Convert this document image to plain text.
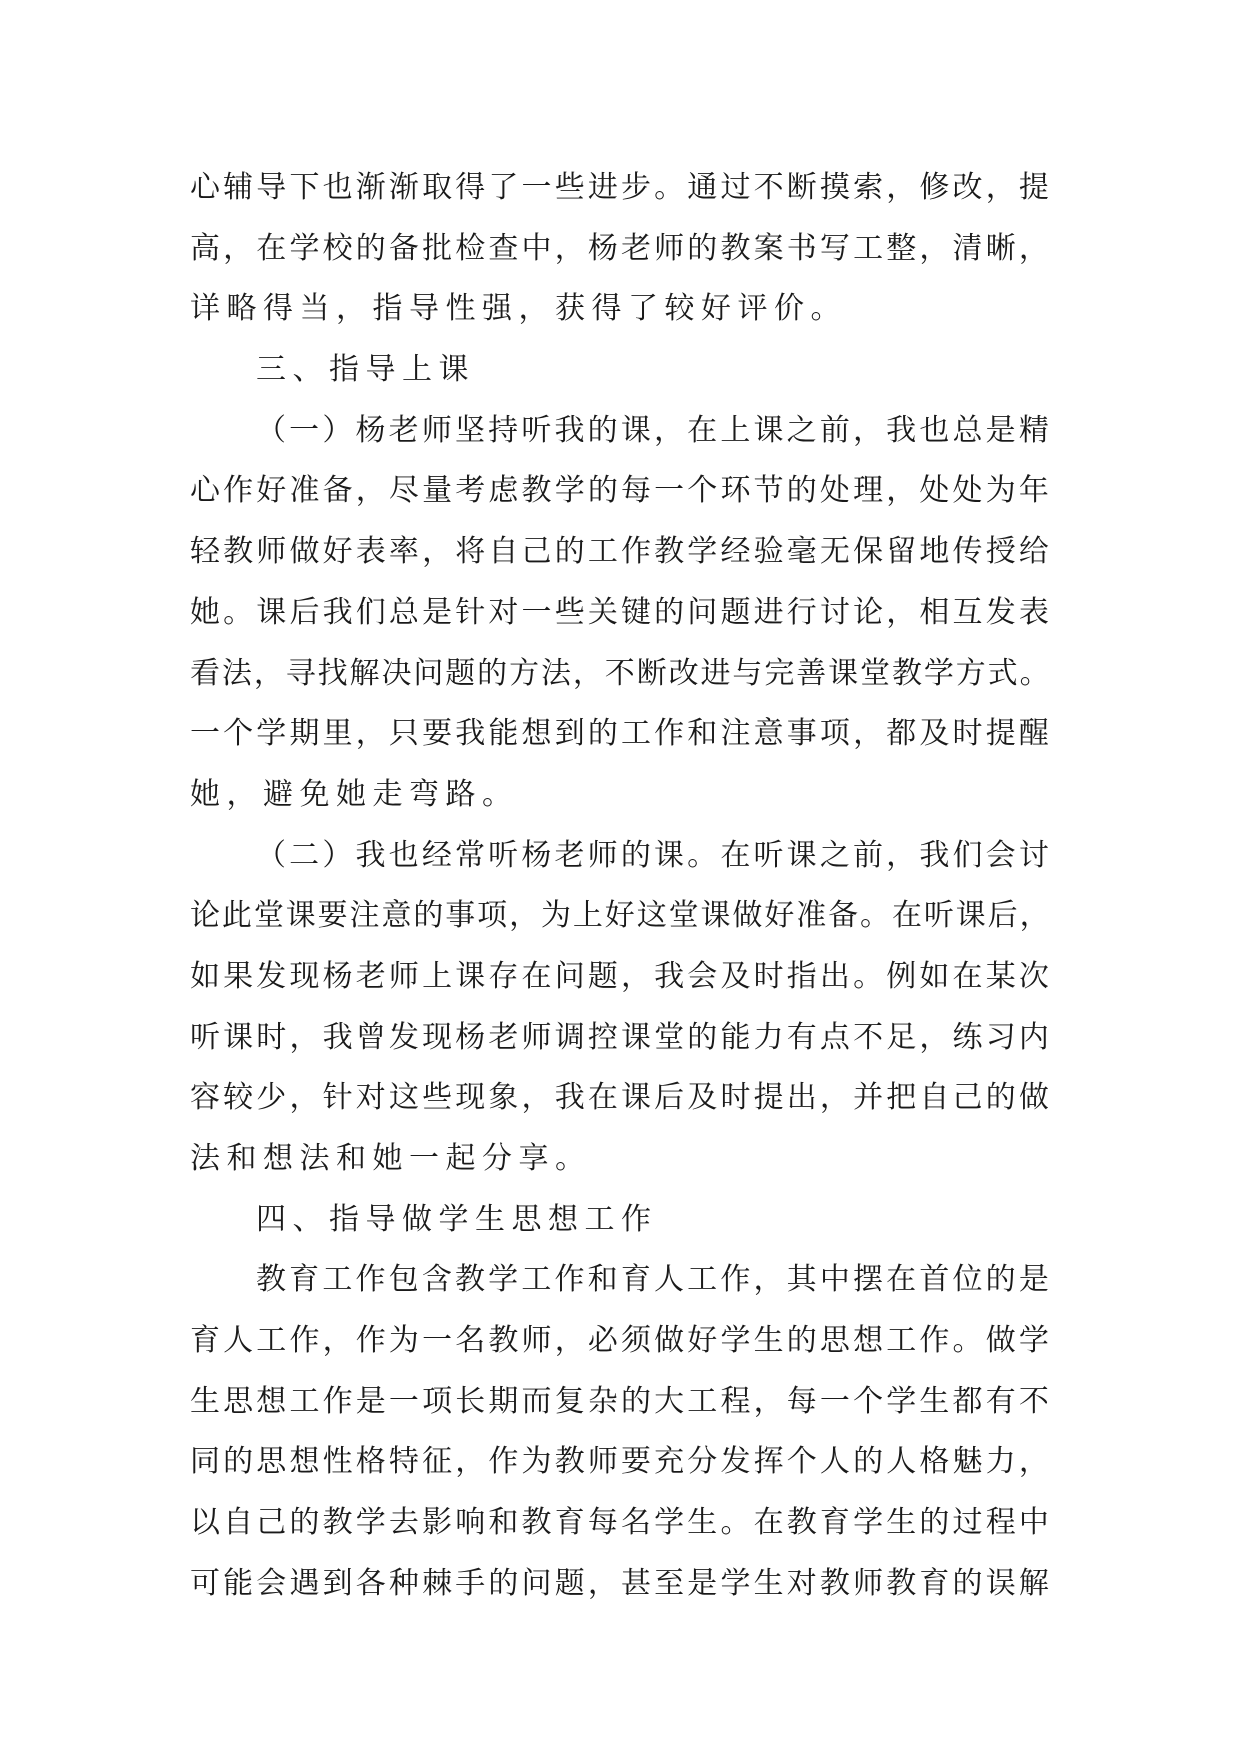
心辅导下也渐渐取得了一些进步。通过不断摸索，修改，提
高，在学校的备批检查中，杨老师的教案书写工整，清晰，
详略得当，指导性强，获得了较好评价。
三、指导上课
（一）杨老师坚持听我的课，在上课之前，我也总是精
心作好准备，尽量考虑教学的每一个环节的处理，处处为年
轻教师做好表率，将自己的工作教学经验毫无保留地传授给
她。课后我们总是针对一些关键的问题进行讨论，相互发表
看法，寻找解决问题的方法，不断改进与完善课堂教学方式。
一个学期里，只要我能想到的工作和注意事项，都及时提醒
她，避免她走弯路。
（二）我也经常听杨老师的课。在听课之前，我们会讨
论此堂课要注意的事项，为上好这堂课做好准备。在听课后，
如果发现杨老师上课存在问题，我会及时指出。例如在某次
听课时，我曾发现杨老师调控课堂的能力有点不足，练习内
容较少，针对这些现象，我在课后及时提出，并把自己的做
法和想法和她一起分享。
四、指导做学生思想工作
教育工作包含教学工作和育人工作，其中摆在首位的是
育人工作，作为一名教师，必须做好学生的思想工作。做学
生思想工作是一项长期而复杂的大工程，每一个学生都有不
同的思想性格特征，作为教师要充分发挥个人的人格魅力，
以自己的教学去影响和教育每名学生。在教育学生的过程中
可能会遇到各种棘手的问题，甚至是学生对教师教育的误解
